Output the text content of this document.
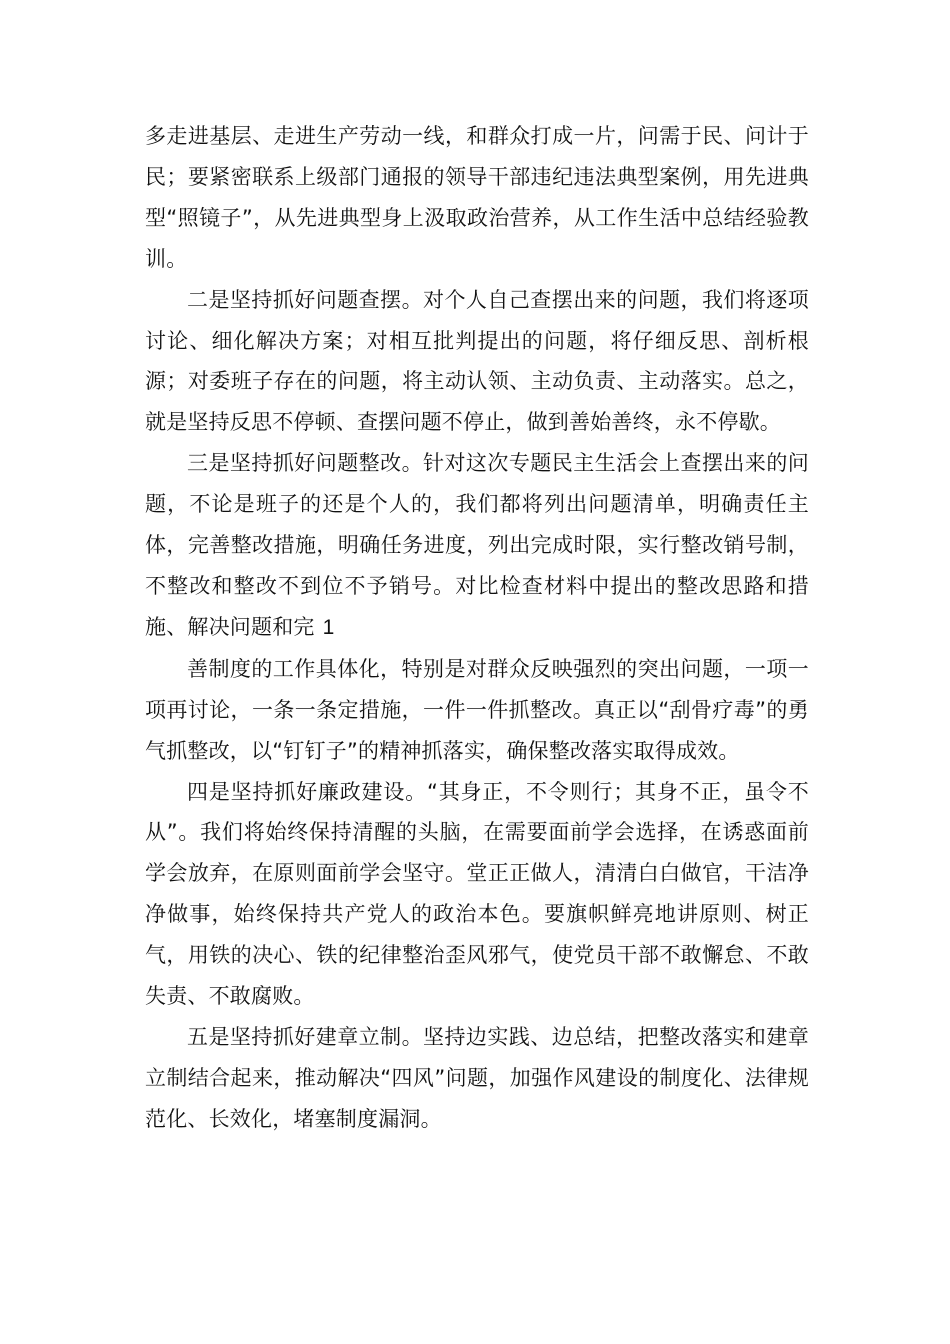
多走进基层、走进生产劳动一线，和群众打成一片，问需于民、问计于民；要紧密联系上级部门通报的领导干部违纪违法典型案例，用先进典型“照镜子”，从先进典型身上汲取政治营养，从工作生活中总结经验教训。

二是坚持抓好问题查摆。对个人自己查摆出来的问题，我们将逐项讨论、细化解决方案；对相互批判提出的问题，将仔细反思、剖析根源；对委班子存在的问题，将主动认领、主动负责、主动落实。总之，就是坚持反思不停顿、查摆问题不停止，做到善始善终，永不停歇。

三是坚持抓好问题整改。针对这次专题民主生活会上查摆出来的问题，不论是班子的还是个人的，我们都将列出问题清单，明确责任主体，完善整改措施，明确任务进度，列出完成时限，实行整改销号制，不整改和整改不到位不予销号。对比检查材料中提出的整改思路和措施、解决问题和完 1

善制度的工作具体化，特别是对群众反映强烈的突出问题，一项一项再讨论，一条一条定措施，一件一件抓整改。真正以“刮骨疗毒”的勇气抓整改，以“钉钉子”的精神抓落实，确保整改落实取得成效。

四是坚持抓好廉政建设。“其身正，不令则行；其身不正，虽令不从”。我们将始终保持清醒的头脑，在需要面前学会选择，在诱惑面前学会放弃，在原则面前学会坚守。堂正正做人，清清白白做官，干洁净净做事，始终保持共产党人的政治本色。要旗帜鲜亮地讲原则、树正气，用铁的决心、铁的纪律整治歪风邪气，使党员干部不敢懈怠、不敢失责、不敢腐败。

五是坚持抓好建章立制。坚持边实践、边总结，把整改落实和建章立制结合起来，推动解决“四风”问题，加强作风建设的制度化、法律规范化、长效化，堵塞制度漏洞。
